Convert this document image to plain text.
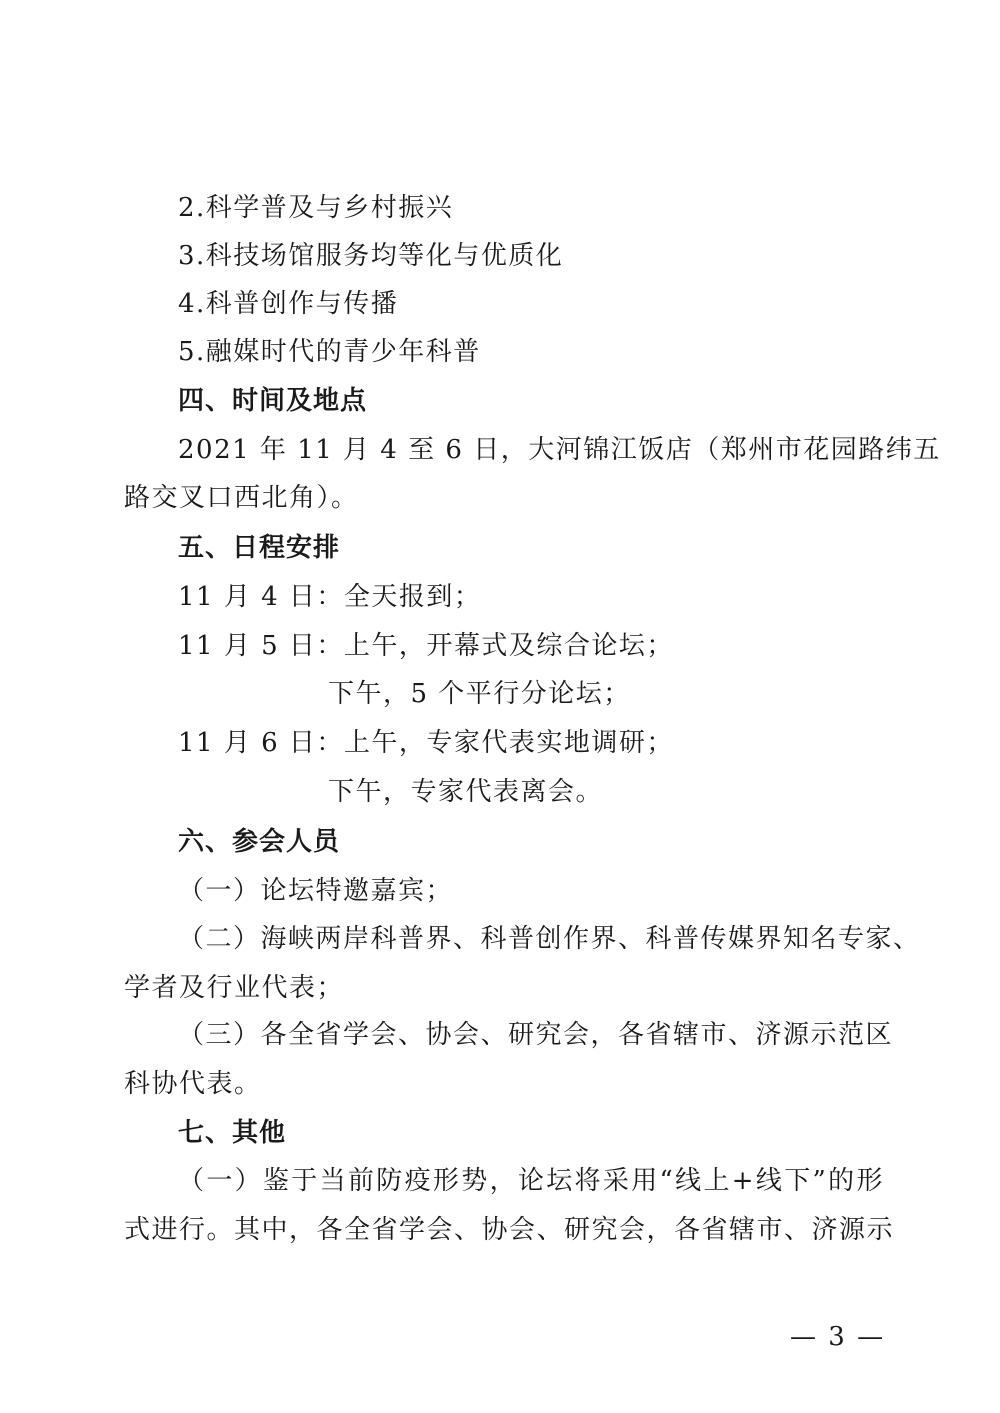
2.科学普及与乡村振兴
3.科技场馆服务均等化与优质化
4.科普创作与传播
5.融媒时代的青少年科普
四、时间及地点
2021 年 11 月 4 至 6 日，大河锦江饭店（郑州市花园路纬五
路交叉口西北角）。
五、日程安排
11 月 4 日：全天报到；
11 月 5 日：上午，开幕式及综合论坛；
下午，5 个平行分论坛；
11 月 6 日：上午，专家代表实地调研；
下午，专家代表离会。
六、参会人员
（一）论坛特邀嘉宾；
（二）海峡两岸科普界、科普创作界、科普传媒界知名专家、
学者及行业代表；
（三）各全省学会、协会、研究会，各省辖市、济源示范区
科协代表。
七、其他
（一）鉴于当前防疫形势，论坛将采用“线上+线下”的形
式进行。其中，各全省学会、协会、研究会，各省辖市、济源示
— 3 —
